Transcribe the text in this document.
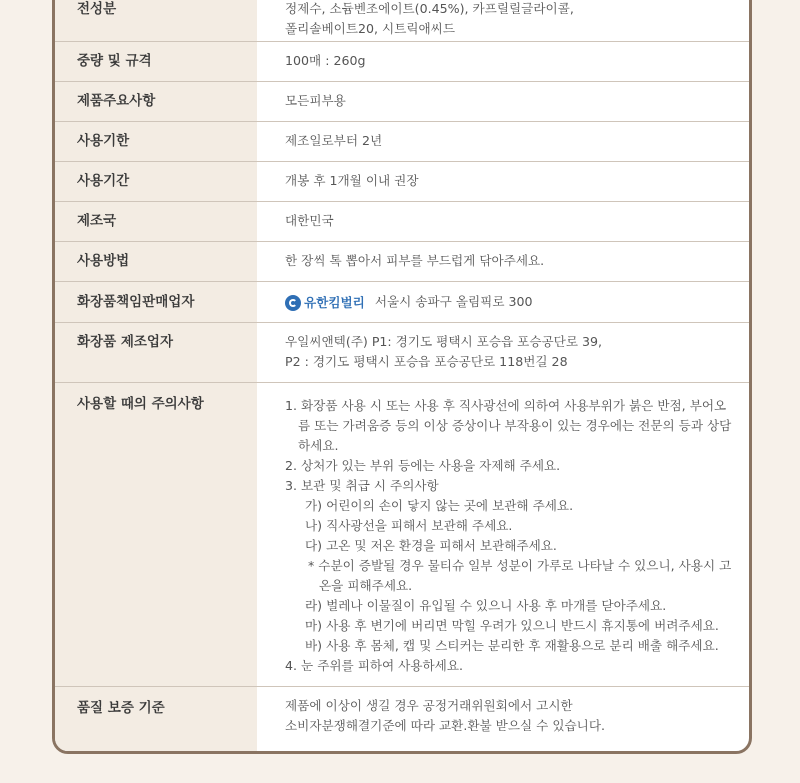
전성분	정제수, 소듐벤조에이트(0.45%), 카프릴릴글라이콜,
폴리솔베이트20, 시트릭애씨드
중량 및 규격	100매 : 260g
제품주요사항	모든피부용
사용기한	제조일로부터 2년
사용기간	개봉 후 1개월 이내 권장
제조국	대한민국
사용방법	한 장씩 톡 뽑아서 피부를 부드럽게 닦아주세요.
화장품책임판매업자	유한킴벌리 서울시 송파구 올림픽로 300
화장품 제조업자	우일씨앤텍(주) P1: 경기도 평택시 포승읍 포승공단로 39,
P2 : 경기도 평택시 포승읍 포승공단로 118번길 28
사용할 때의 주의사항	1. 화장품 사용 시 또는 사용 후 직사광선에 의하여 사용부위가 붉은 반점, 부어오름 또는 가려움증 등의 이상 증상이나 부작용이 있는 경우에는 전문의 등과 상담하세요.
2. 상처가 있는 부위 등에는 사용을 자제해 주세요.
3. 보관 및 취급 시 주의사항
가) 어린이의 손이 닿지 않는 곳에 보관해 주세요.
나) 직사광선을 피해서 보관해 주세요.
다) 고온 및 저온 환경을 피해서 보관해주세요.
* 수분이 증발될 경우 물티슈 일부 성분이 가루로 나타날 수 있으니, 사용시 고온을 피해주세요.
라) 벌레나 이물질이 유입될 수 있으니 사용 후 마개를 닫아주세요.
마) 사용 후 변기에 버리면 막힐 우려가 있으니 반드시 휴지통에 버려주세요.
바) 사용 후 몸체, 캡 및 스티커는 분리한 후 재활용으로 분리 배출 해주세요.
4. 눈 주위를 피하여 사용하세요.
품질 보증 기준	제품에 이상이 생길 경우 공정거래위원회에서 고시한
소비자분쟁해결기준에 따라 교환.환불 받으실 수 있습니다.
